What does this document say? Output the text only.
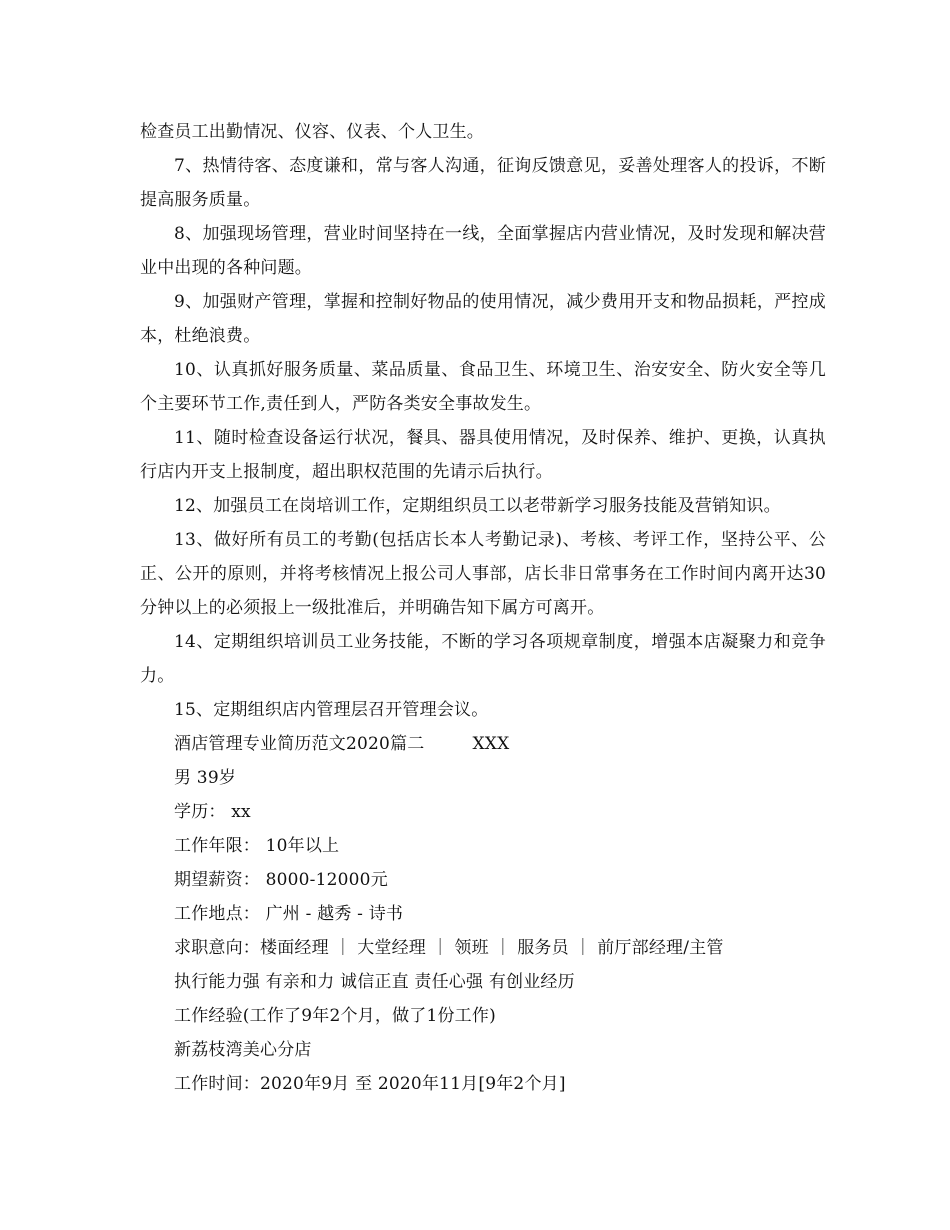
检查员工出勤情况、仪容、仪表、个人卫生。

7、热情待客、态度谦和，常与客人沟通，征询反馈意见，妥善处理客人的投诉，不断提高服务质量。

8、加强现场管理，营业时间坚持在一线，全面掌握店内营业情况，及时发现和解决营业中出现的各种问题。

9、加强财产管理，掌握和控制好物品的使用情况，减少费用开支和物品损耗，严控成本，杜绝浪费。

10、认真抓好服务质量、菜品质量、食品卫生、环境卫生、治安安全、防火安全等几个主要环节工作,责任到人，严防各类安全事故发生。

11、随时检查设备运行状况，餐具、器具使用情况，及时保养、维护、更换，认真执行店内开支上报制度，超出职权范围的先请示后执行。

12、加强员工在岗培训工作，定期组织员工以老带新学习服务技能及营销知识。

13、做好所有员工的考勤(包括店长本人考勤记录)、考核、考评工作，坚持公平、公正、公开的原则，并将考核情况上报公司人事部，店长非日常事务在工作时间内离开达30分钟以上的必须报上一级批准后，并明确告知下属方可离开。

14、定期组织培训员工业务技能，不断的学习各项规章制度，增强本店凝聚力和竞争力。

15、定期组织店内管理层召开管理会议。

酒店管理专业简历范文2020篇二	XXX

男 39岁

学历： xx

工作年限： 10年以上

期望薪资： 8000-12000元

工作地点： 广州 - 越秀 - 诗书

求职意向：楼面经理 ｜ 大堂经理 ｜ 领班 ｜ 服务员 ｜ 前厅部经理/主管

执行能力强 有亲和力 诚信正直 责任心强 有创业经历

工作经验(工作了9年2个月，做了1份工作)

新荔枝湾美心分店

工作时间：2020年9月 至 2020年11月[9年2个月]
